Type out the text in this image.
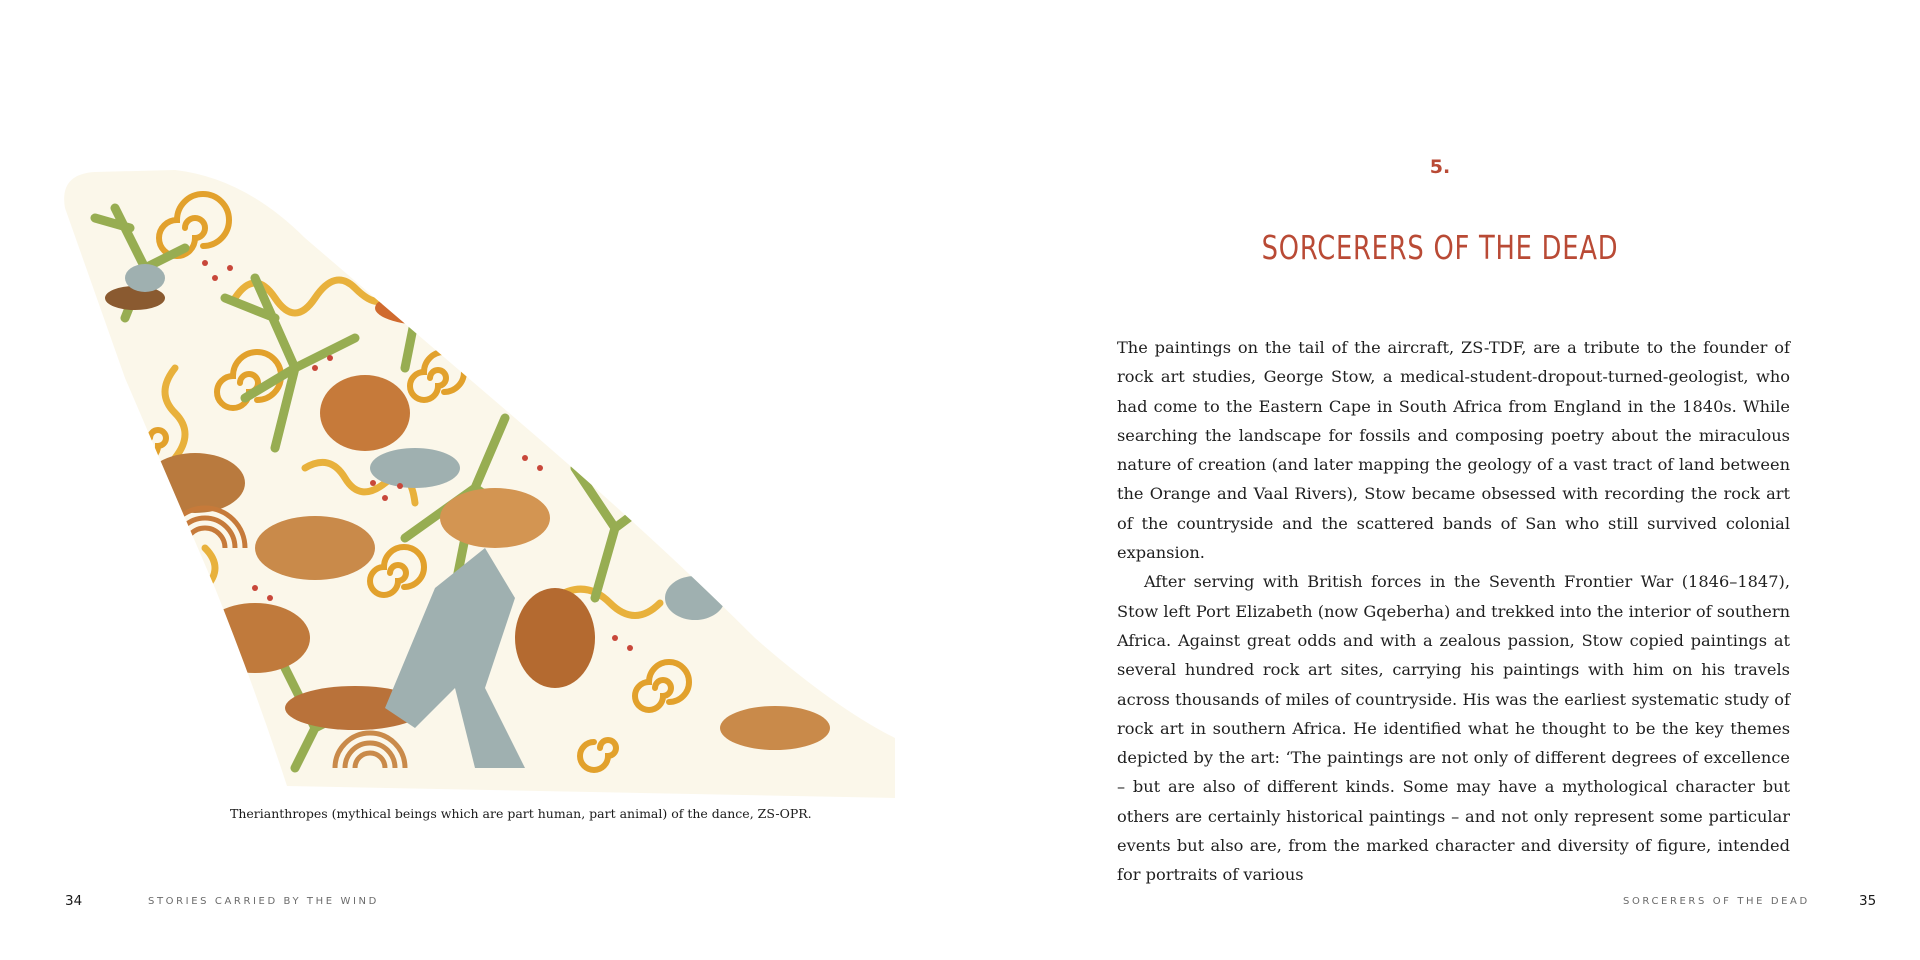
Therianthropes (mythical beings which are part human, part animal) of the dance, ZS-OPR.
34	STORIES CARRIED BY THE WIND
5.
SORCERERS OF THE DEAD

The paintings on the tail of the aircraft, ZS-TDF, are a tribute to the founder of rock art studies, George Stow, a medical-student-dropout-turned-geologist, who had come to the Eastern Cape in South Africa from England in the 1840s. While searching the landscape for fossils and composing poetry about the miraculous nature of creation (and later mapping the geology of a vast tract of land between the Orange and Vaal Rivers), Stow became obsessed with recording the rock art of the countryside and the scattered bands of San who still survived colonial expansion.

After serving with British forces in the Seventh Frontier War (1846–1847), Stow left Port Elizabeth (now Gqeberha) and trekked into the interior of southern Africa. Against great odds and with a zealous passion, Stow copied paintings at several hundred rock art sites, carrying his paintings with him on his travels across thousands of miles of countryside. His was the earliest systematic study of rock art in southern Africa. He identified what he thought to be the key themes depicted by the art: ‘The paintings are not only of different degrees of excellence – but are also of different kinds. Some may have a mythological character but others are certainly historical paintings – and not only represent some particular events but also are, from the marked character and diversity of figure, intended for portraits of various

SORCERERS OF THE DEAD	35
